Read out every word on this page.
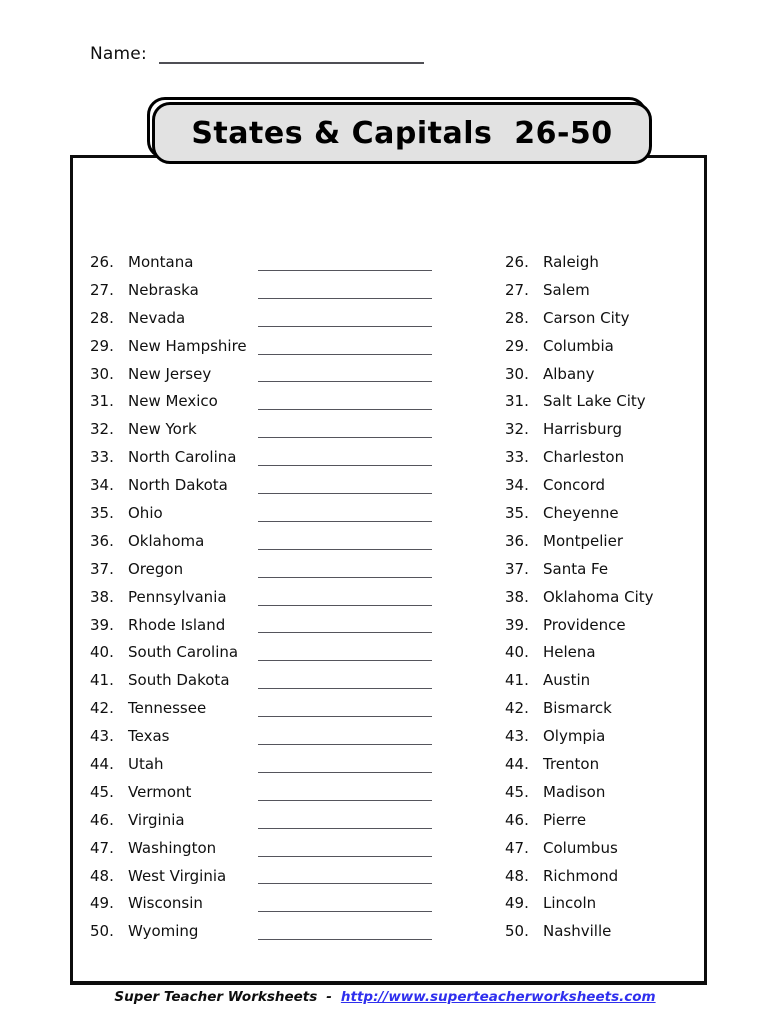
Name:
States & Capitals  26-50

26. Montana
27. Nebraska
28. Nevada
29. New Hampshire
30. New Jersey
31. New Mexico
32. New York
33. North Carolina
34. North Dakota
35. Ohio
36. Oklahoma
37. Oregon
38. Pennsylvania
39. Rhode Island
40. South Carolina
41. South Dakota
42. Tennessee
43. Texas
44. Utah
45. Vermont
46. Virginia
47. Washington
48. West Virginia
49. Wisconsin
50. Wyoming
26. Raleigh
27. Salem
28. Carson City
29. Columbia
30. Albany
31. Salt Lake City
32. Harrisburg
33. Charleston
34. Concord
35. Cheyenne
36. Montpelier
37. Santa Fe
38. Oklahoma City
39. Providence
40. Helena
41. Austin
42. Bismarck
43. Olympia
44. Trenton
45. Madison
46. Pierre
47. Columbus
48. Richmond
49. Lincoln
50. Nashville
Super Teacher Worksheets - http://www.superteacherworksheets.com
